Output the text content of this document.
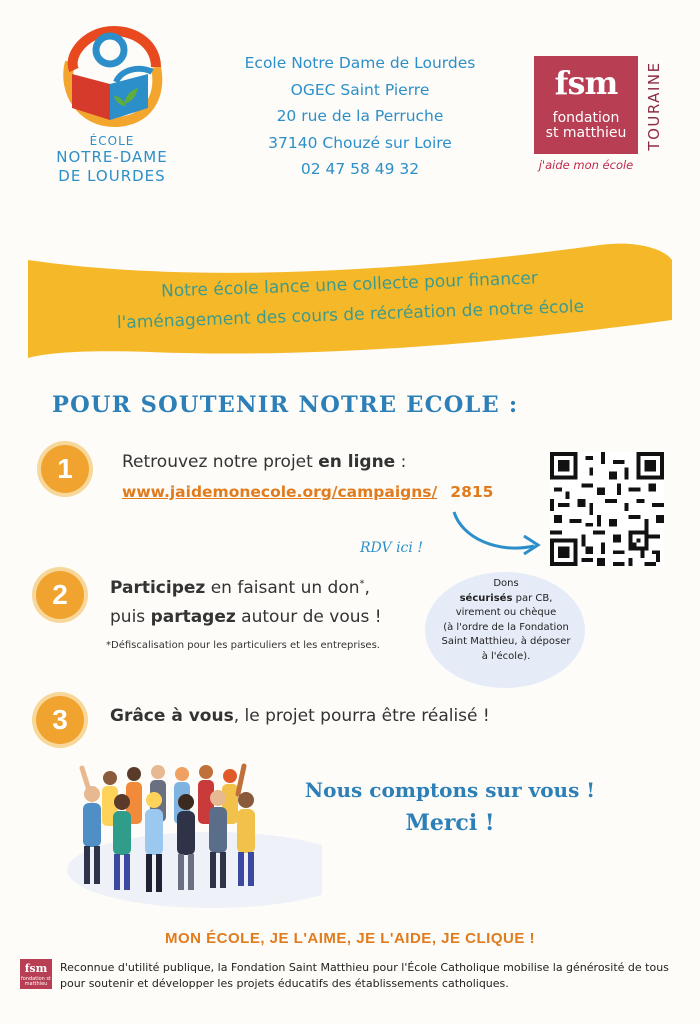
ÉCOLE
NOTRE-DAME
DE LOURDES
Ecole Notre Dame de Lourdes
OGEC Saint Pierre
20 rue de la Perruche
37140 Chouzé sur Loire
02 47 58 49 32
fsm
fondation
st matthieu
j'aide mon école
TOURAINE
Notre école lance une collecte pour financer
l'aménagement des cours de récréation de notre école
POUR SOUTENIR NOTRE ECOLE :
1	Retrouvez notre projet en ligne :
www.jaidemonecole.org/campaigns/ 2815
RDV ici !
2	Participez en faisant un don*,
puis partagez autour de vous !
*Défiscalisation pour les particuliers et les entreprises.
Dons
sécurisés par CB,
virement ou chèque
(à l'ordre de la Fondation
Saint Matthieu, à déposer
à l'école).
3	Grâce à vous, le projet pourra être réalisé !
Nous comptons sur vous !
Merci !
MON ÉCOLE, JE L'AIME, JE L'AIDE, JE CLIQUE !
fsm
fondation st matthieu
Reconnue d'utilité publique, la Fondation Saint Matthieu pour l'École Catholique mobilise la générosité de tous pour soutenir et développer les projets éducatifs des établissements catholiques.
